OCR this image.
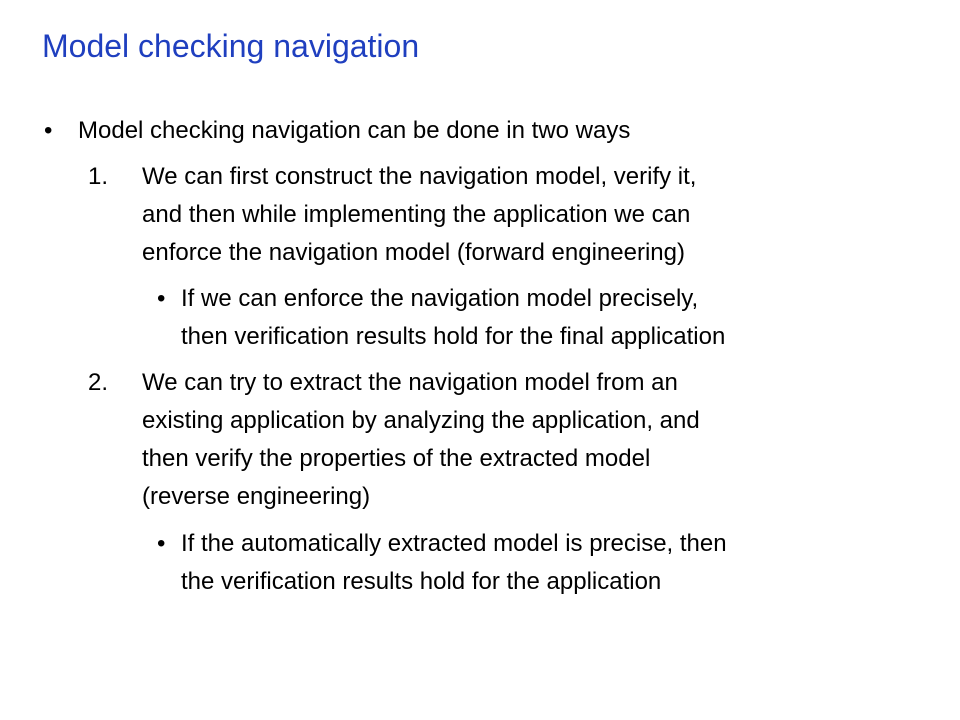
Model checking navigation
• Model checking navigation can be done in two ways
1. We can first construct the navigation model, verify it,
and then while implementing the application we can
enforce the navigation model (forward engineering)
• If we can enforce the navigation model precisely,
then verification results hold for the final application
2. We can try to extract the navigation model from an
existing application by analyzing the application, and
then verify the properties of the extracted model
(reverse engineering)
• If the automatically extracted model is precise, then
the verification results hold for the application
